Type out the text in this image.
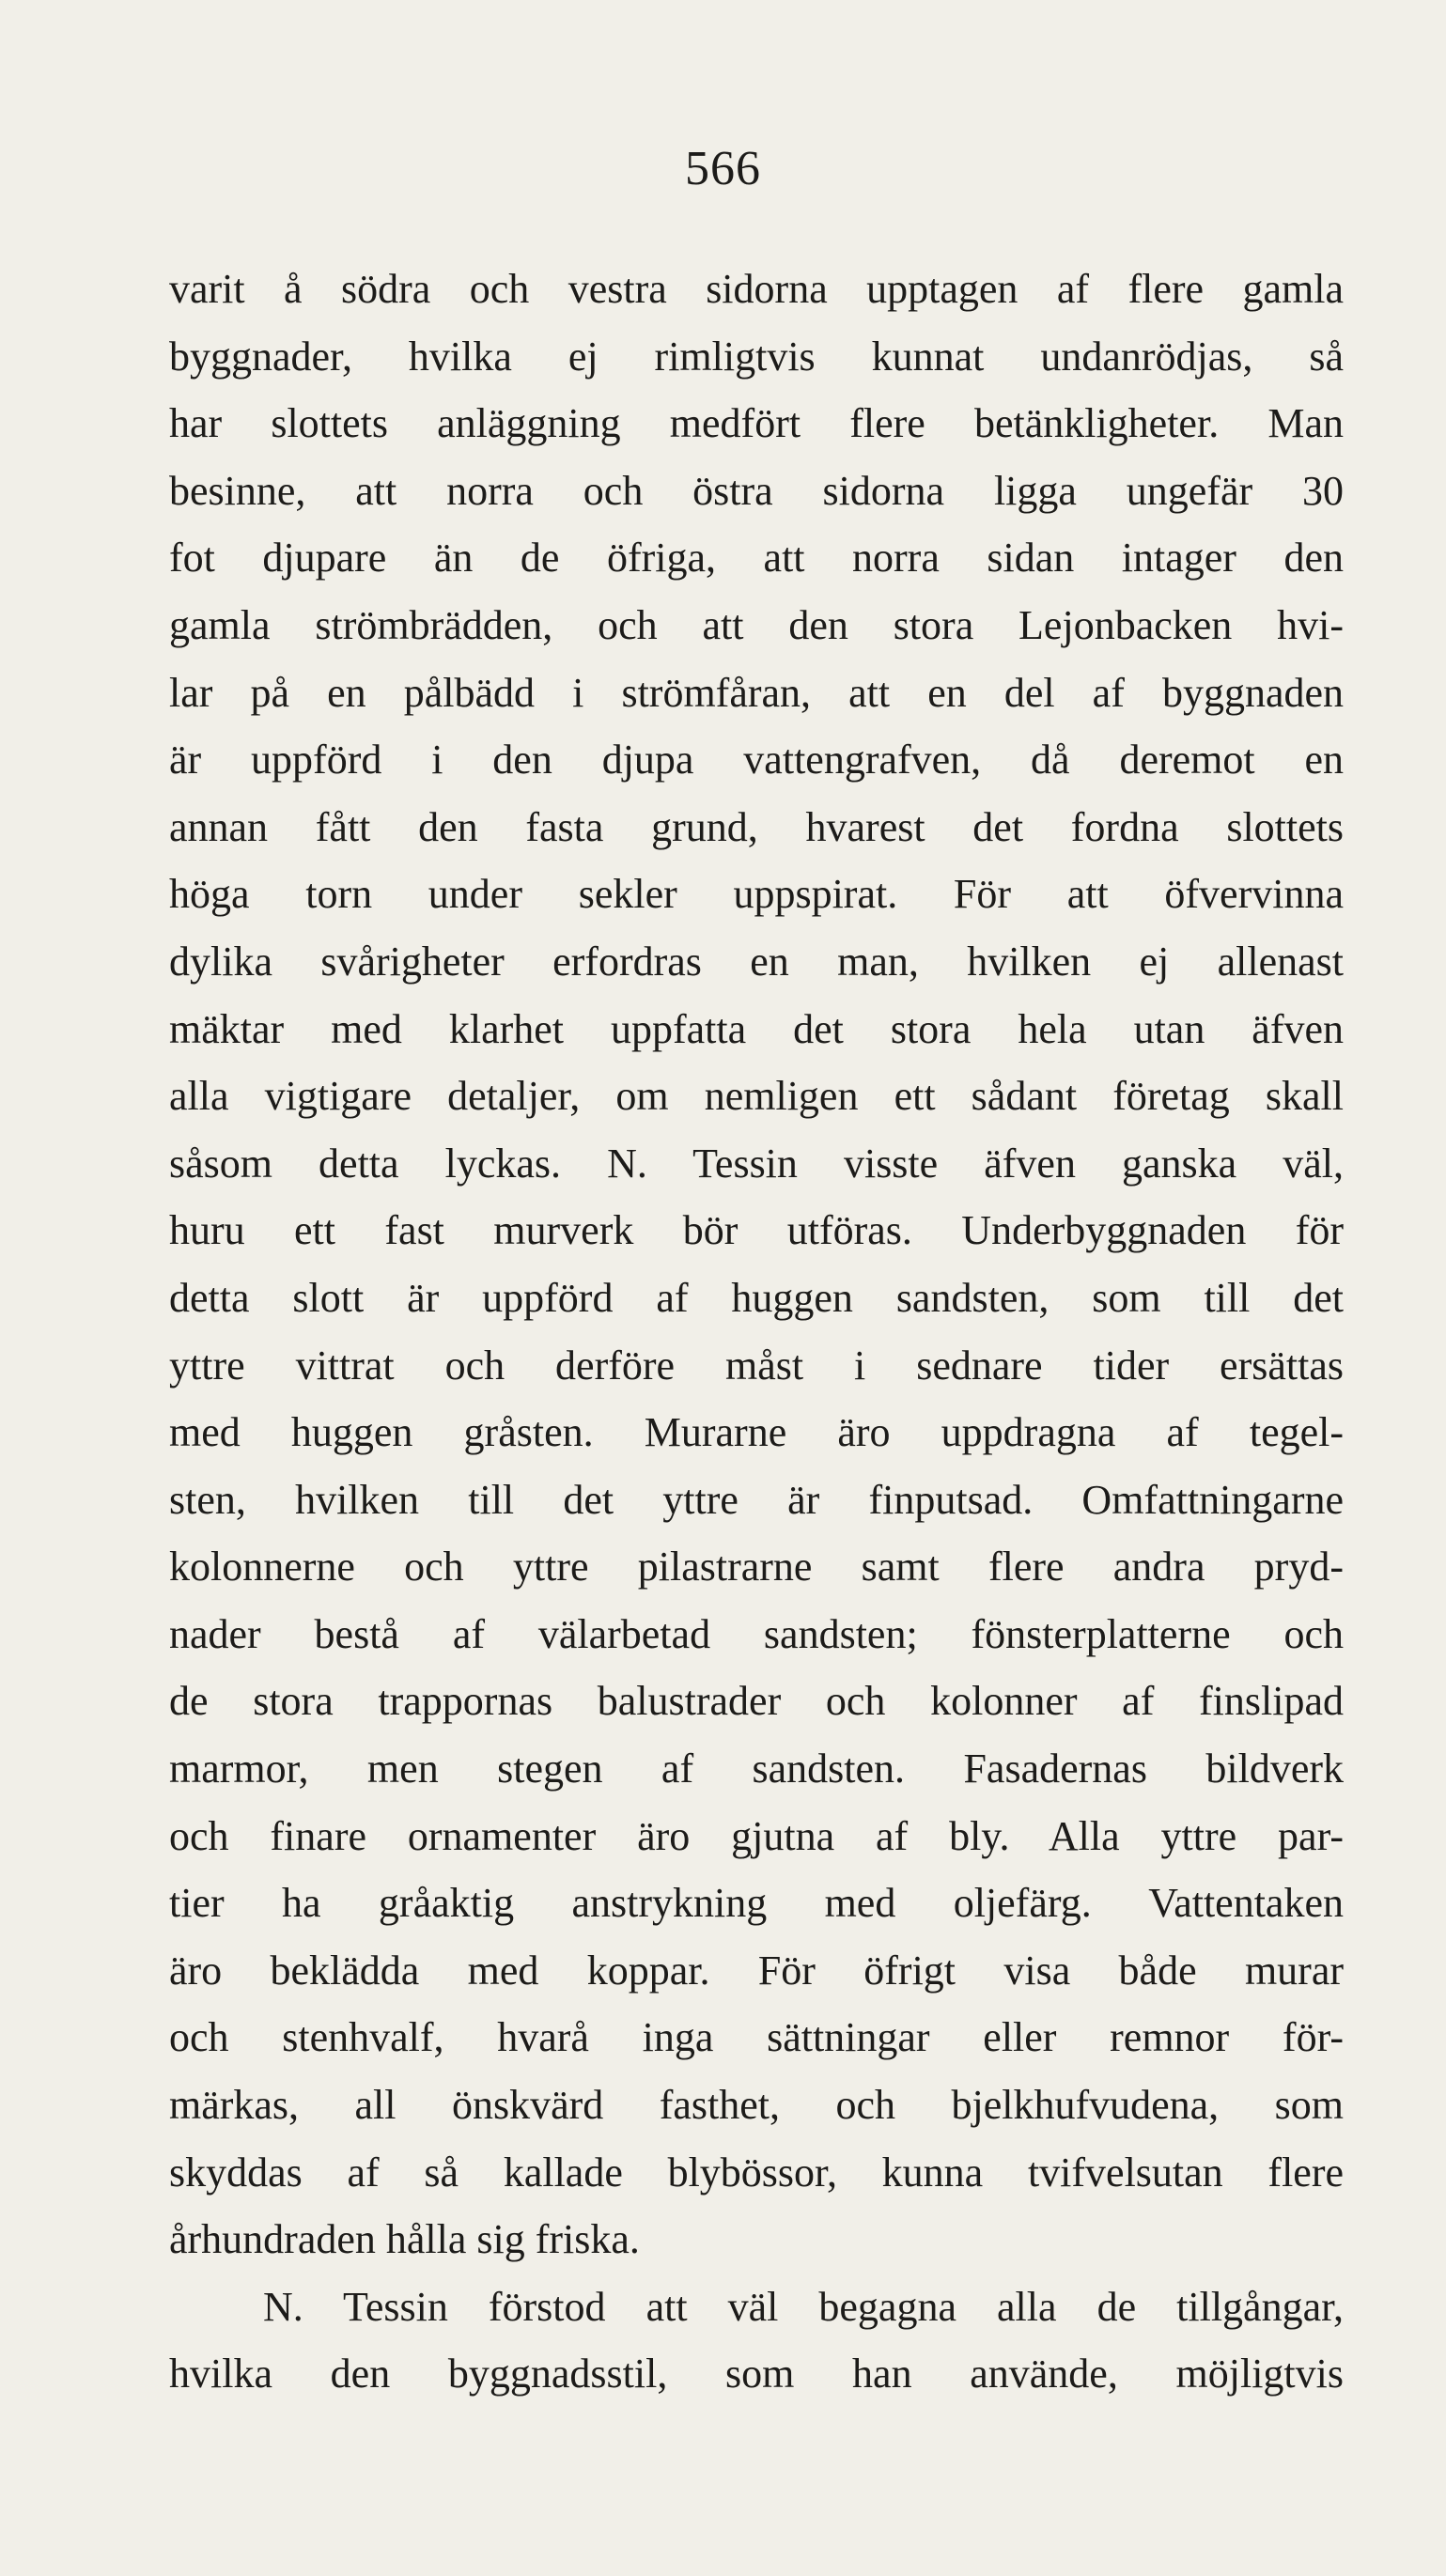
566
varit å södra och vestra sidorna upptagen af flere gamla
byggnader, hvilka ej rimligtvis kunnat undanrödjas, så
har slottets anläggning medfört flere betänkligheter. Man
besinne, att norra och östra sidorna ligga ungefär 30
fot djupare än de öfriga, att norra sidan intager den
gamla strömbrädden, och att den stora Lejonbacken hvi-
lar på en pålbädd i strömfåran, att en del af byggnaden
är uppförd i den djupa vattengrafven, då deremot en
annan fått den fasta grund, hvarest det fordna slottets
höga torn under sekler uppspirat. För att öfvervinna
dylika svårigheter erfordras en man, hvilken ej allenast
mäktar med klarhet uppfatta det stora hela utan äfven
alla vigtigare detaljer, om nemligen ett sådant företag skall
såsom detta lyckas. N. Tessin visste äfven ganska väl,
huru ett fast murverk bör utföras. Underbyggnaden för
detta slott är uppförd af huggen sandsten, som till det
yttre vittrat och derföre måst i sednare tider ersättas
med huggen gråsten. Murarne äro uppdragna af tegel-
sten, hvilken till det yttre är finputsad. Omfattningarne
kolonnerne och yttre pilastrarne samt flere andra pryd-
nader bestå af välarbetad sandsten; fönsterplatterne och
de stora trappornas balustrader och kolonner af finslipad
marmor, men stegen af sandsten. Fasadernas bildverk
och finare ornamenter äro gjutna af bly. Alla yttre par-
tier ha gråaktig anstrykning med oljefärg. Vattentaken
äro beklädda med koppar. För öfrigt visa både murar
och stenhvalf, hvarå inga sättningar eller remnor för-
märkas, all önskvärd fasthet, och bjelkhufvudena, som
skyddas af så kallade blybössor, kunna tvifvelsutan flere
århundraden hålla sig friska.
N. Tessin förstod att väl begagna alla de tillgångar,
hvilka den byggnadsstil, som han använde, möjligtvis
